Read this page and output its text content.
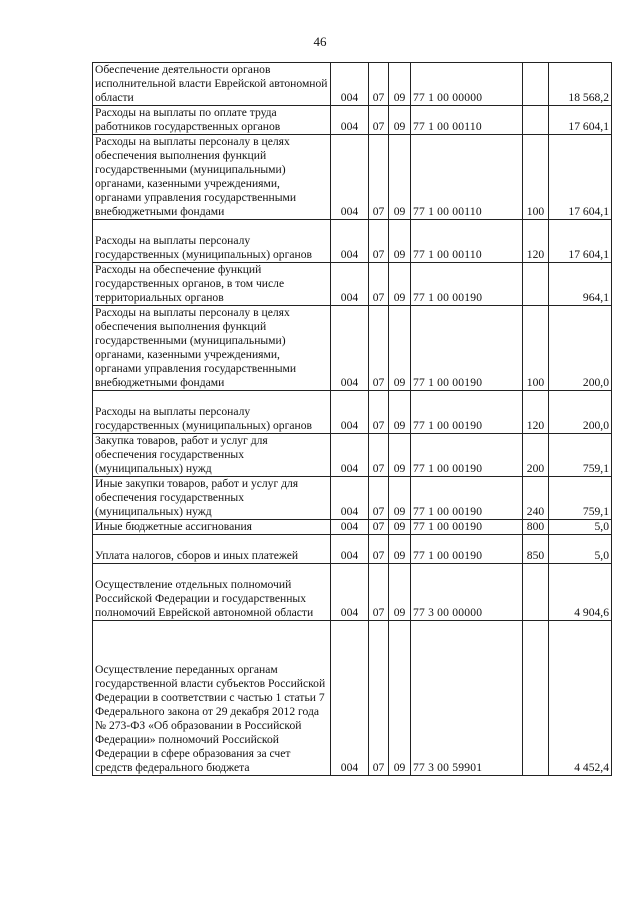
46
Обеспечение деятельности органов исполнительной власти Еврейской автономной области	004	07	09	77 1 00 00000		18 568,2
Расходы на выплаты по оплате труда работников государственных органов	004	07	09	77 1 00 00110		17 604,1
Расходы на выплаты персоналу в целях обеспечения выполнения функций государственными (муниципальными) органами, казенными учреждениями, органами управления государственными внебюджетными фондами	004	07	09	77 1 00 00110	100	17 604,1
Расходы на выплаты персоналу государственных (муниципальных) органов	004	07	09	77 1 00 00110	120	17 604,1
Расходы на обеспечение функций государственных органов, в том числе территориальных органов	004	07	09	77 1 00 00190		964,1
Расходы на выплаты персоналу в целях обеспечения выполнения функций государственными (муниципальными) органами, казенными учреждениями, органами управления государственными внебюджетными фондами	004	07	09	77 1 00 00190	100	200,0
Расходы на выплаты персоналу государственных (муниципальных) органов	004	07	09	77 1 00 00190	120	200,0
Закупка товаров, работ и услуг для обеспечения государственных (муниципальных) нужд	004	07	09	77 1 00 00190	200	759,1
Иные закупки товаров, работ и услуг для обеспечения государственных (муниципальных) нужд	004	07	09	77 1 00 00190	240	759,1
Иные бюджетные ассигнования	004	07	09	77 1 00 00190	800	5,0
Уплата налогов, сборов и иных платежей	004	07	09	77 1 00 00190	850	5,0
Осуществление отдельных полномочий Российской Федерации и государственных полномочий Еврейской автономной области	004	07	09	77 3 00 00000		4 904,6
Осуществление переданных органам государственной власти субъектов Российской Федерации в соответствии с частью 1 статьи 7 Федерального закона от 29 декабря 2012 года № 273-ФЗ «Об образовании в Российской Федерации» полномочий Российской Федерации в сфере образования за счет средств федерального бюджета	004	07	09	77 3 00 59901		4 452,4
